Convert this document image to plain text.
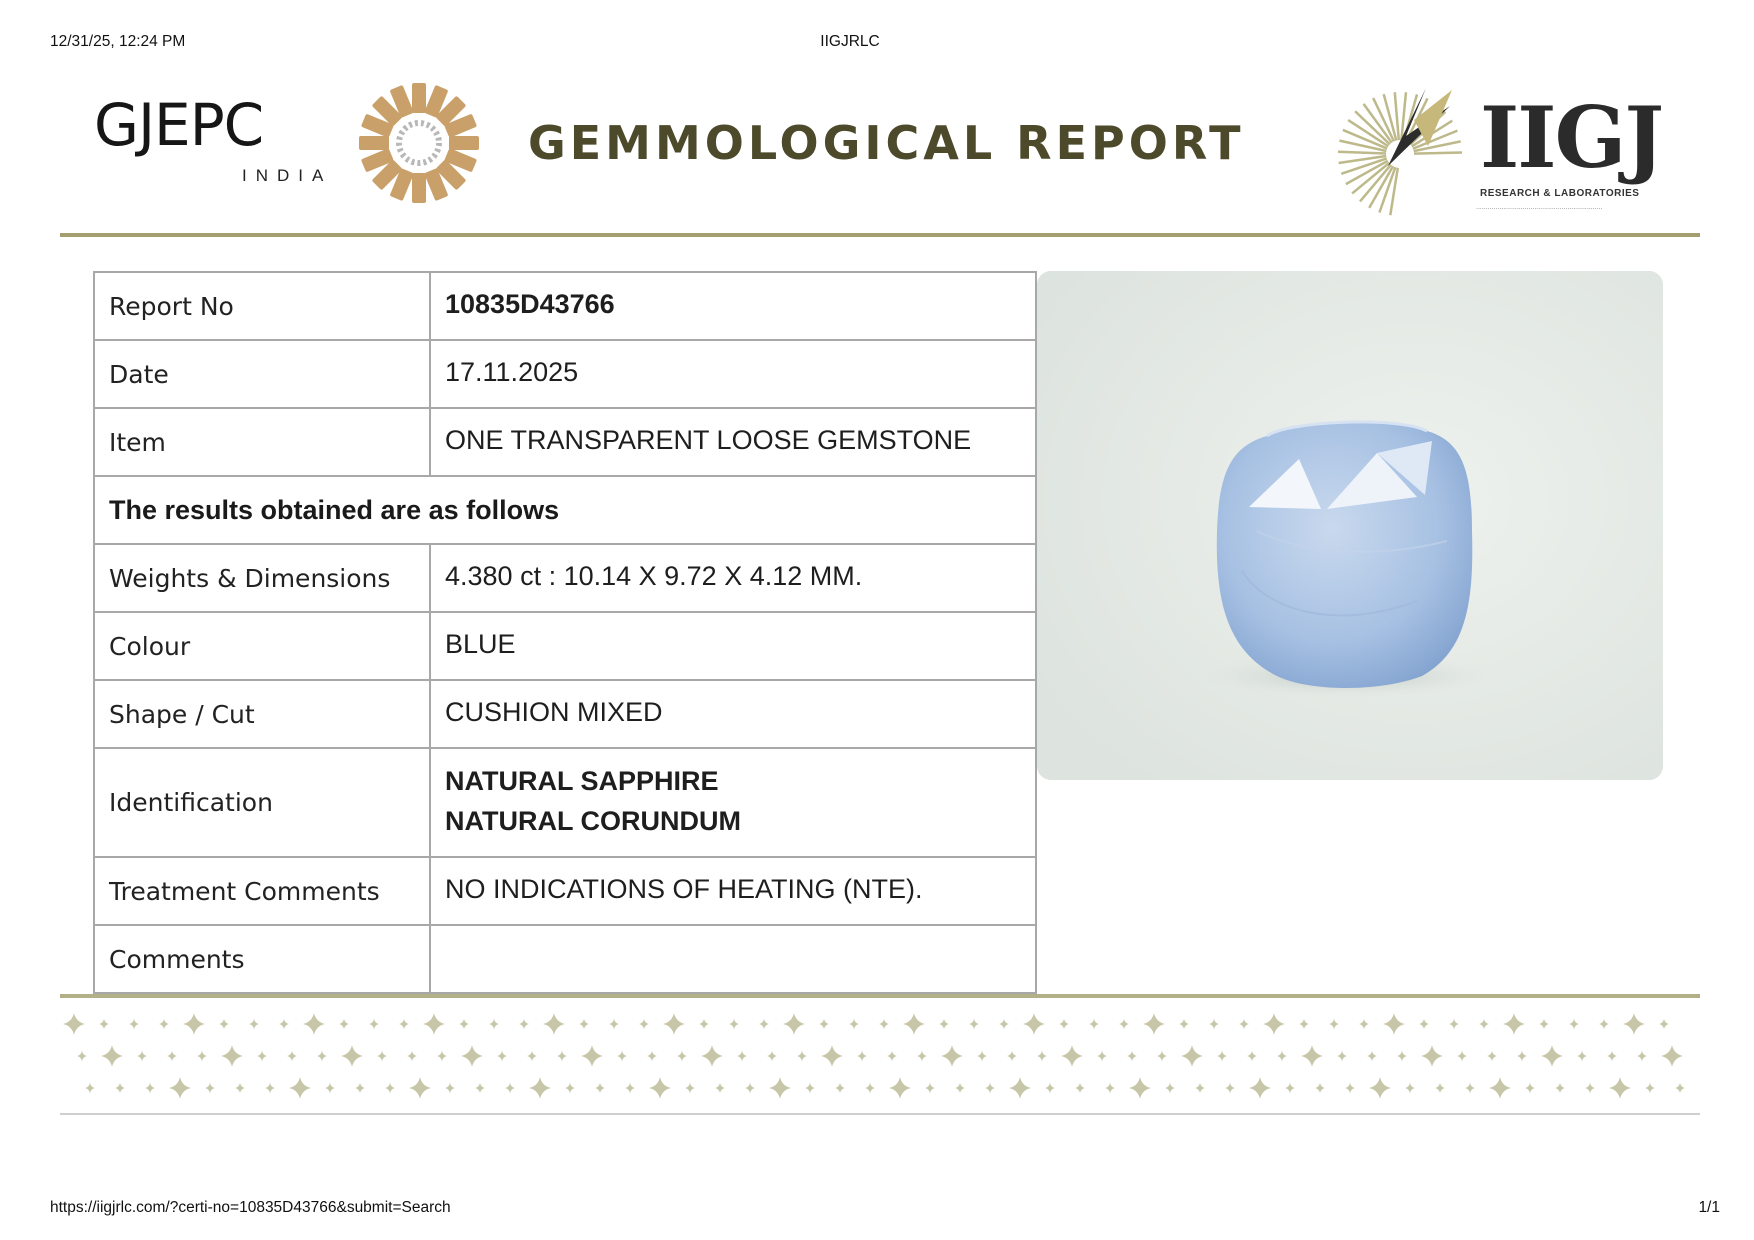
12/31/25, 12:24 PM	IIGJRLC
GJEPC
INDIA
GEMMOLOGICAL REPORT	IIGJ
RESEARCH & LABORATORIES
.................................................................
Report No	10835D43766
Date	17.11.2025
Item	ONE TRANSPARENT LOOSE GEMSTONE
The results obtained are as follows	
Weights & Dimensions	4.380 ct : 10.14 X 9.72 X 4.12 MM.
Colour	BLUE
Shape / Cut	CUSHION MIXED
Identification	NATURAL SAPPHIRE
NATURAL CORUNDUM

Treatment Comments	NO INDICATIONS OF HEATING (NTE).
Comments	
https://iigjrlc.com/?certi-no=10835D43766&submit=Search	1/1
